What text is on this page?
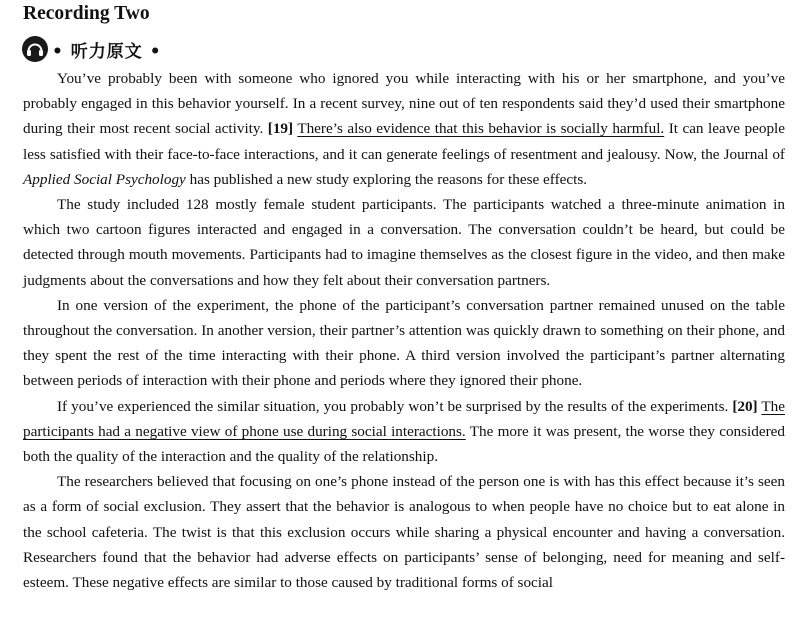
Recording Two
• 听力原文 •

You’ve probably been with someone who ignored you while interacting with his or her smartphone, and you’ve probably engaged in this behavior yourself. In a recent survey, nine out of ten respondents said they’d used their smartphone during their most recent social activity. [19] There’s also evidence that this behavior is socially harmful. It can leave people less satisfied with their face-to-face interactions, and it can generate feelings of resentment and jealousy. Now, the Journal of Applied Social Psychology has published a new study exploring the reasons for these effects.

The study included 128 mostly female student participants. The participants watched a three-minute animation in which two cartoon figures interacted and engaged in a conversation. The conversation couldn’t be heard, but could be detected through mouth movements. Participants had to imagine themselves as the closest figure in the video, and then make judgments about the conversations and how they felt about their conversation partners.

In one version of the experiment, the phone of the participant’s conversation partner remained unused on the table throughout the conversation. In another version, their partner’s attention was quickly drawn to something on their phone, and they spent the rest of the time interacting with their phone. A third version involved the participant’s partner alternating between periods of interaction with their phone and periods where they ignored their phone.

If you’ve experienced the similar situation, you probably won’t be surprised by the results of the experiments. [20] The participants had a negative view of phone use during social interactions. The more it was present, the worse they considered both the quality of the interaction and the quality of the relationship.

The researchers believed that focusing on one’s phone instead of the person one is with has this effect because it’s seen as a form of social exclusion. They assert that the behavior is analogous to when people have no choice but to eat alone in the school cafeteria. The twist is that this exclusion occurs while sharing a physical encounter and having a conversation. Researchers found that the behavior had adverse effects on participants’ sense of belonging, need for meaning and self-esteem. These negative effects are similar to those caused by traditional forms of social
